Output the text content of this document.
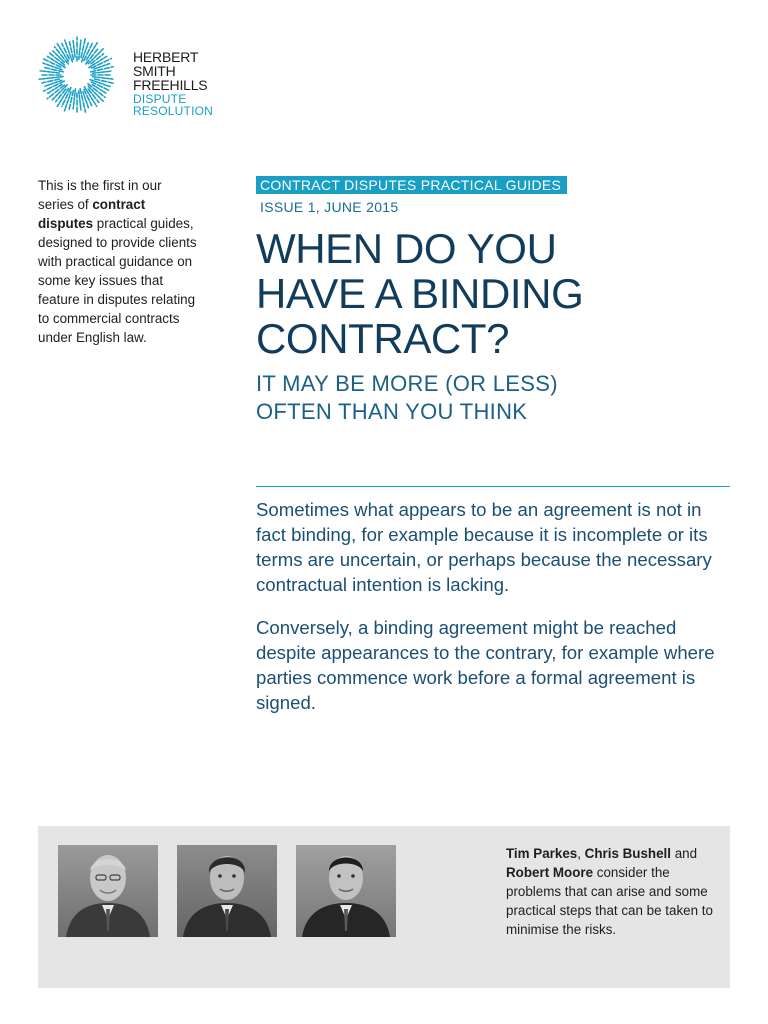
HERBERT
SMITH
FREEHILLS
DISPUTE
RESOLUTION
This is the first in our series of contract disputes practical guides, designed to provide clients with practical guidance on some key issues that feature in disputes relating to commercial contracts under English law.
CONTRACT DISPUTES PRACTICAL GUIDES
ISSUE 1, JUNE 2015
WHEN DO YOU
HAVE A BINDING
CONTRACT?
IT MAY BE MORE (OR LESS)
OFTEN THAN YOU THINK

Sometimes what appears to be an agreement is not in fact binding, for example because it is incomplete or its terms are uncertain, or perhaps because the necessary contractual intention is lacking.

Conversely, a binding agreement might be reached despite appearances to the contrary, for example where parties commence work before a formal agreement is signed.

Tim Parkes, Chris Bushell and Robert Moore consider the problems that can arise and some practical steps that can be taken to minimise the risks.
